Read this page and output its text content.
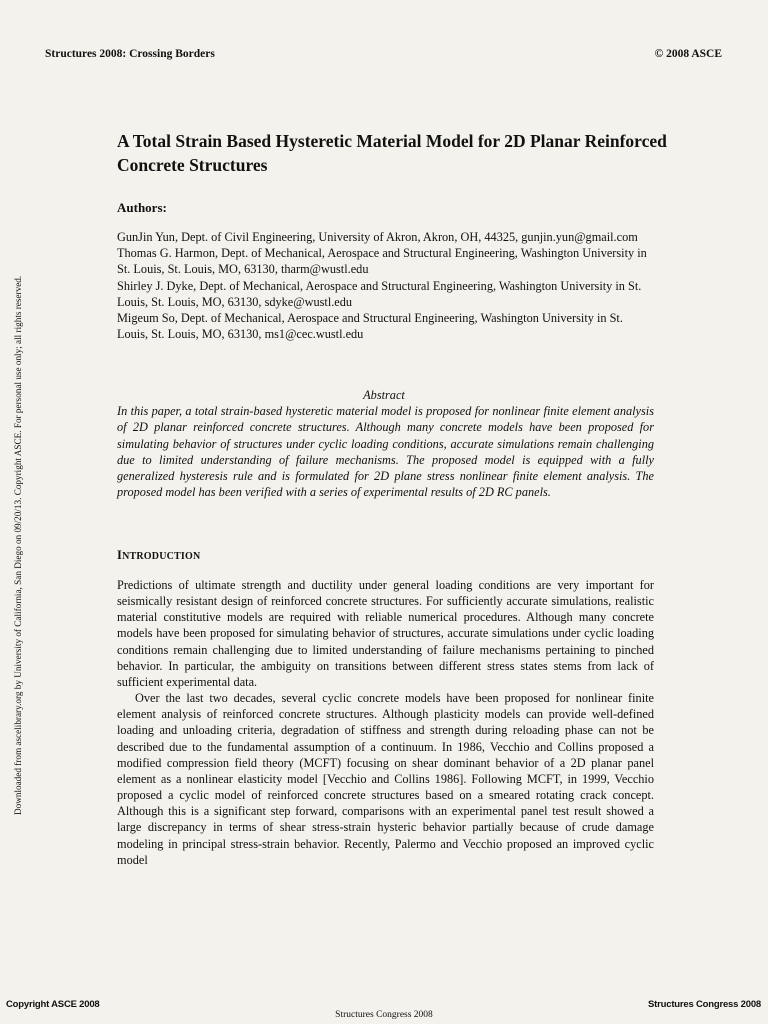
Structures 2008: Crossing Borders	© 2008 ASCE
Downloaded from ascelibrary.org by University of California, San Diego on 09/20/13. Copyright ASCE. For personal use only; all rights reserved.
A Total Strain Based Hysteretic Material Model for 2D Planar Reinforced Concrete Structures
Authors:
GunJin Yun, Dept. of Civil Engineering, University of Akron, Akron, OH, 44325, gunjin.yun@gmail.com
Thomas G. Harmon, Dept. of Mechanical, Aerospace and Structural Engineering, Washington University in St. Louis, St. Louis, MO, 63130, tharm@wustl.edu
Shirley J. Dyke, Dept. of Mechanical, Aerospace and Structural Engineering, Washington University in St. Louis, St. Louis, MO, 63130, sdyke@wustl.edu
Migeum So, Dept. of Mechanical, Aerospace and Structural Engineering, Washington University in St. Louis, St. Louis, MO, 63130, ms1@cec.wustl.edu
Abstract
In this paper, a total strain-based hysteretic material model is proposed for nonlinear finite element analysis of 2D planar reinforced concrete structures. Although many concrete models have been proposed for simulating behavior of structures under cyclic loading conditions, accurate simulations remain challenging due to limited understanding of failure mechanisms. The proposed model is equipped with a fully generalized hysteresis rule and is formulated for 2D plane stress nonlinear finite element analysis. The proposed model has been verified with a series of experimental results of 2D RC panels.
INTRODUCTION

Predictions of ultimate strength and ductility under general loading conditions are very important for seismically resistant design of reinforced concrete structures. For sufficiently accurate simulations, realistic material constitutive models are required with reliable numerical procedures. Although many concrete models have been proposed for simulating behavior of structures, accurate simulations under cyclic loading conditions remain challenging due to limited understanding of failure mechanisms pertaining to pinched behavior. In particular, the ambiguity on transitions between different stress states stems from lack of sufficient experimental data.

Over the last two decades, several cyclic concrete models have been proposed for nonlinear finite element analysis of reinforced concrete structures. Although plasticity models can provide well-defined loading and unloading criteria, degradation of stiffness and strength during reloading phase can not be described due to the fundamental assumption of a continuum. In 1986, Vecchio and Collins proposed a modified compression field theory (MCFT) focusing on shear dominant behavior of a 2D planar panel element as a nonlinear elasticity model [Vecchio and Collins 1986]. Following MCFT, in 1999, Vecchio proposed a cyclic model of reinforced concrete structures based on a smeared rotating crack concept. Although this is a significant step forward, comparisons with an experimental panel test result showed a large discrepancy in terms of shear stress-strain hysteric behavior partially because of crude damage modeling in principal stress-strain behavior. Recently, Palermo and Vecchio proposed an improved cyclic model

Copyright ASCE 2008	Structures Congress 2008
Structures Congress 2008
